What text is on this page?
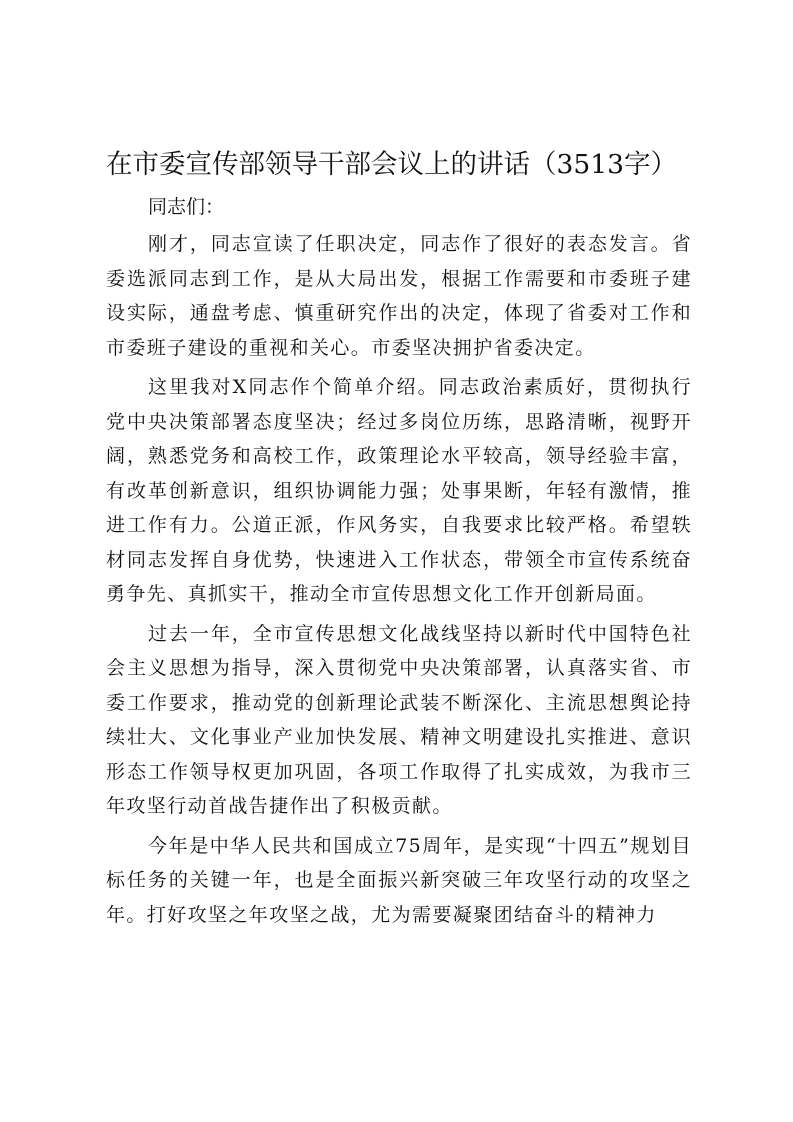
在市委宣传部领导干部会议上的讲话（3513字）

同志们：

刚才，同志宣读了任职决定，同志作了很好的表态发言。省委选派同志到工作，是从大局出发，根据工作需要和市委班子建设实际，通盘考虑、慎重研究作出的决定，体现了省委对工作和市委班子建设的重视和关心。市委坚决拥护省委决定。

这里我对X同志作个简单介绍。同志政治素质好，贯彻执行党中央决策部署态度坚决；经过多岗位历练，思路清晰，视野开阔，熟悉党务和高校工作，政策理论水平较高，领导经验丰富，有改革创新意识，组织协调能力强；处事果断，年轻有激情，推进工作有力。公道正派，作风务实，自我要求比较严格。希望轶材同志发挥自身优势，快速进入工作状态，带领全市宣传系统奋勇争先、真抓实干，推动全市宣传思想文化工作开创新局面。

过去一年，全市宣传思想文化战线坚持以新时代中国特色社会主义思想为指导，深入贯彻党中央决策部署，认真落实省、市委工作要求，推动党的创新理论武装不断深化、主流思想舆论持续壮大、文化事业产业加快发展、精神文明建设扎实推进、意识形态工作领导权更加巩固，各项工作取得了扎实成效，为我市三年攻坚行动首战告捷作出了积极贡献。

今年是中华人民共和国成立75周年，是实现“十四五”规划目标任务的关键一年，也是全面振兴新突破三年攻坚行动的攻坚之年。打好攻坚之年攻坚之战，尤为需要凝聚团结奋斗的精神力
